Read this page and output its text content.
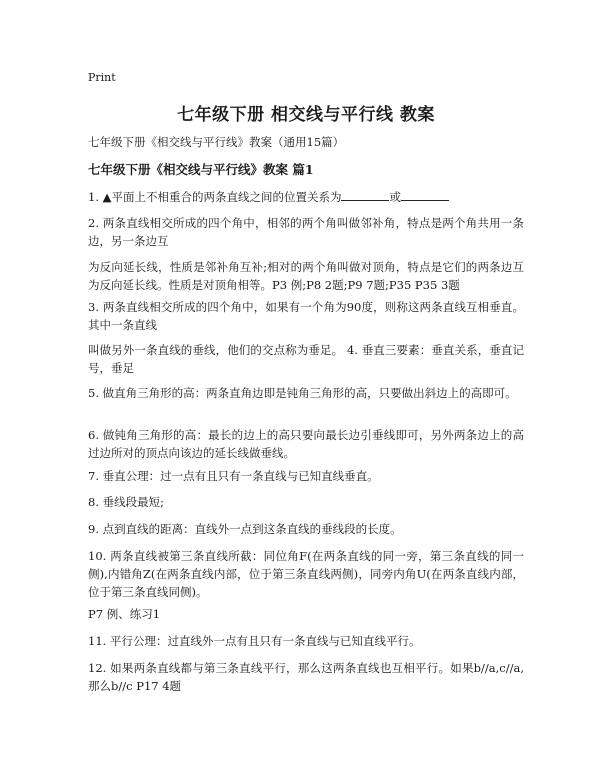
Print
七年级下册 相交线与平行线 教案
七年级下册《相交线与平行线》教案（通用15篇）
七年级下册《相交线与平行线》教案 篇1
1. ▲平面上不相重合的两条直线之间的位置关系为	或
2. 两条直线相交所成的四个角中，相邻的两个角叫做邻补角，特点是两个角共用一条边，另一条边互
为反向延长线，性质是邻补角互补;相对的两个角叫做对顶角，特点是它们的两条边互为反向延长线。性质是对顶角相等。P3 例;P8 2题;P9 7题;P35 P35 3题
3. 两条直线相交所成的四个角中，如果有一个角为90度，则称这两条直线互相垂直。其中一条直线
叫做另外一条直线的垂线，他们的交点称为垂足。 4. 垂直三要素：垂直关系，垂直记号，垂足
5. 做直角三角形的高：两条直角边即是钝角三角形的高，只要做出斜边上的高即可。
6. 做钝角三角形的高：最长的边上的高只要向最长边引垂线即可，另外两条边上的高过边所对的顶点向该边的延长线做垂线。
7. 垂直公理：过一点有且只有一条直线与已知直线垂直。
8. 垂线段最短;
9. 点到直线的距离：直线外一点到这条直线的垂线段的长度。
10. 两条直线被第三条直线所截：同位角F(在两条直线的同一旁，第三条直线的同一侧),内错角Z(在两条直线内部，位于第三条直线两侧)，同旁内角U(在两条直线内部，位于第三条直线同侧)。
P7 例、练习1
11. 平行公理：过直线外一点有且只有一条直线与已知直线平行。
12. 如果两条直线都与第三条直线平行，那么这两条直线也互相平行。如果b//a,c//a,那么b//c P17 4题
